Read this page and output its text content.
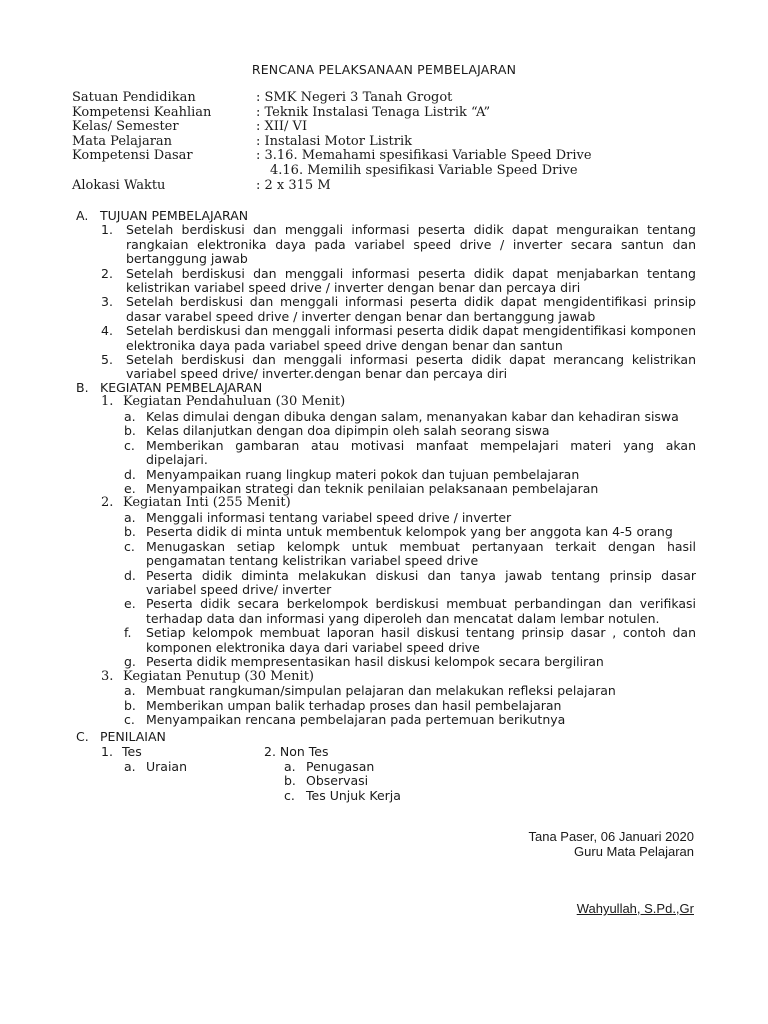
RENCANA PELAKSANAAN PEMBELAJARAN
Satuan Pendidikan	: SMK Negeri 3 Tanah Grogot
Kompetensi Keahlian	: Teknik Instalasi Tenaga Listrik “A”
Kelas/ Semester	: XII/ VI
Mata Pelajaran	: Instalasi Motor Listrik
Kompetensi Dasar	: 3.16. Memahami spesifikasi Variable Speed Drive
4.16. Memilih spesifikasi Variable Speed Drive
Alokasi Waktu	: 2 x 315 M
A. TUJUAN PEMBELAJARAN
1. Setelah berdiskusi dan menggali informasi peserta didik dapat menguraikan tentang rangkaian elektronika daya pada variabel speed drive / inverter secara santun dan bertanggung jawab
2. Setelah berdiskusi dan menggali informasi peserta didik dapat menjabarkan tentang kelistrikan variabel speed drive / inverter dengan benar dan percaya diri
3. Setelah berdiskusi dan menggali informasi peserta didik dapat mengidentifikasi prinsip dasar varabel speed drive / inverter dengan benar dan bertanggung jawab
4. Setelah berdiskusi dan menggali informasi peserta didik dapat mengidentifikasi komponen elektronika daya pada variabel speed drive dengan benar dan santun
5. Setelah berdiskusi dan menggali informasi peserta didik dapat merancang kelistrikan variabel speed drive/ inverter.dengan benar dan percaya diri
B. KEGIATAN PEMBELAJARAN
1. Kegiatan Pendahuluan (30 Menit)
a. Kelas dimulai dengan dibuka dengan salam, menanyakan kabar dan kehadiran siswa
b. Kelas dilanjutkan dengan doa dipimpin oleh salah seorang siswa
c. Memberikan gambaran atau motivasi manfaat mempelajari materi yang akan dipelajari.
d. Menyampaikan ruang lingkup materi pokok dan tujuan pembelajaran
e. Menyampaikan strategi dan teknik penilaian pelaksanaan pembelajaran
2. Kegiatan Inti (255 Menit)
a. Menggali informasi tentang variabel speed drive / inverter
b. Peserta didik di minta untuk membentuk kelompok yang ber anggota kan 4-5 orang
c. Menugaskan setiap kelompk untuk membuat pertanyaan terkait dengan hasil pengamatan tentang kelistrikan variabel speed drive
d. Peserta didik diminta melakukan diskusi dan tanya jawab tentang prinsip dasar variabel speed drive/ inverter
e. Peserta didik secara berkelompok berdiskusi membuat perbandingan dan verifikasi terhadap data dan informasi yang diperoleh dan mencatat dalam lembar notulen.
f. Setiap kelompok membuat laporan hasil diskusi tentang prinsip dasar , contoh dan komponen elektronika daya dari variabel speed drive
g. Peserta didik mempresentasikan hasil diskusi kelompok secara bergiliran
3. Kegiatan Penutup (30 Menit)
a. Membuat rangkuman/simpulan pelajaran dan melakukan refleksi pelajaran
b. Memberikan umpan balik terhadap proses dan hasil pembelajaran
c. Menyampaikan rencana pembelajaran pada pertemuan berikutnya
C. PENILAIAN
1. Tes
a. Uraian
2. Non Tes
a. Penugasan
b. Observasi
c. Tes Unjuk Kerja
Tana Paser, 06 Januari 2020
Guru Mata Pelajaran
Wahyullah, S.Pd.,Gr
